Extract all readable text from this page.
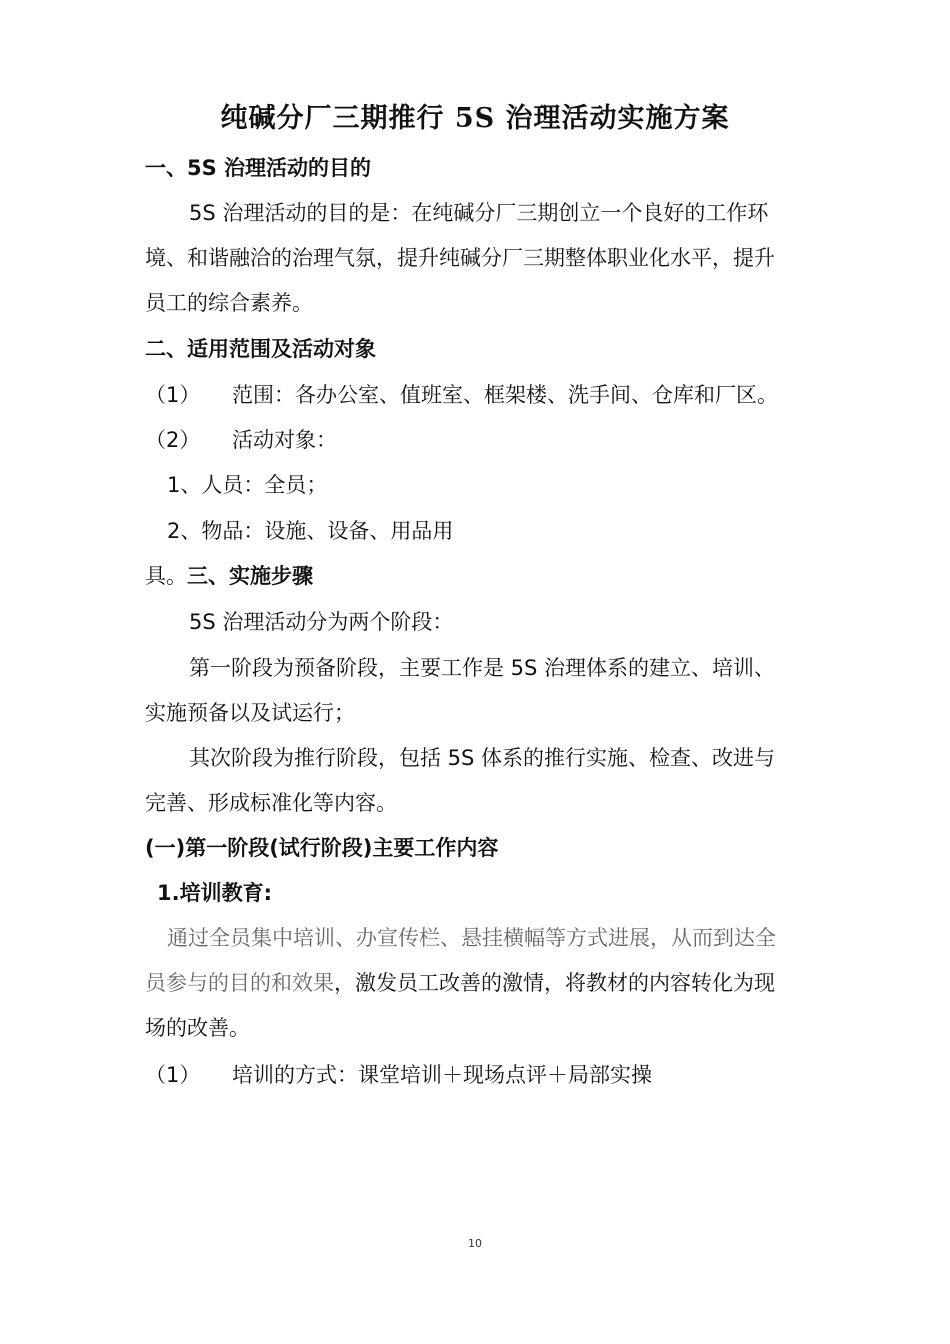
纯碱分厂三期推行 5S 治理活动实施方案

一、5S 治理活动的目的

5S 治理活动的目的是：在纯碱分厂三期创立一个良好的工作环

境、和谐融洽的治理气氛，提升纯碱分厂三期整体职业化水平，提升

员工的综合素养。

二、适用范围及活动对象

（1） 范围：各办公室、值班室、框架楼、洗手间、仓库和厂区。

（2） 活动对象：

1、人员：全员；

2、物品：设施、设备、用品用

具。三、实施步骤

5S 治理活动分为两个阶段：

第一阶段为预备阶段，主要工作是 5S 治理体系的建立、培训、

实施预备以及试运行；

其次阶段为推行阶段，包括 5S 体系的推行实施、检查、改进与

完善、形成标准化等内容。

(一)第一阶段(试行阶段)主要工作内容

1.培训教育:

通过全员集中培训、办宣传栏、悬挂横幅等方式进展，从而到达全

员参与的目的和效果，激发员工改善的激情，将教材的内容转化为现

场的改善。

（1） 培训的方式：课堂培训＋现场点评＋局部实操

10
